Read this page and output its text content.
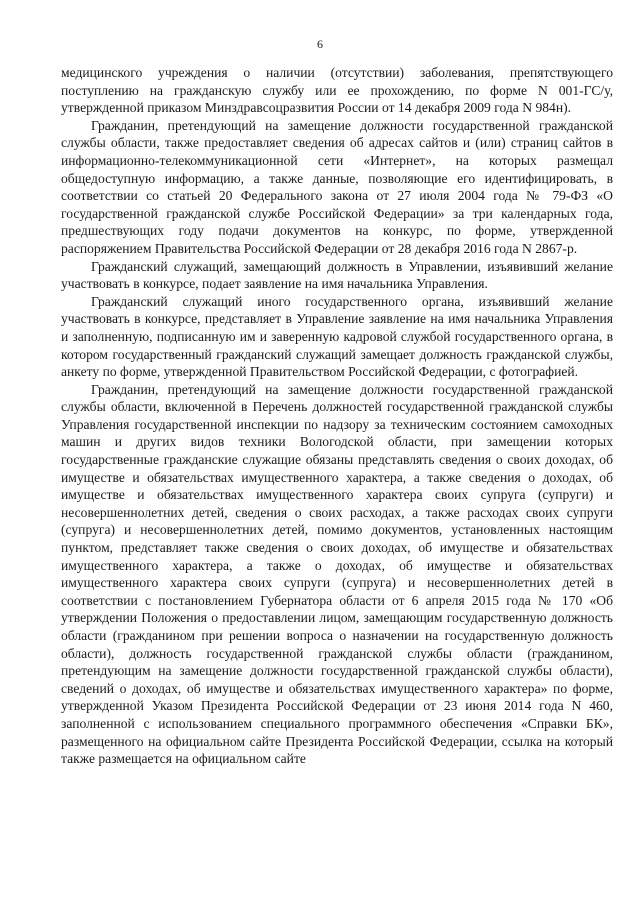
6

медицинского учреждения о наличии (отсутствии) заболевания, препятствующего поступлению на гражданскую службу или ее прохождению, по форме N 001-ГС/у, утвержденной приказом Минздравсоцразвития России от 14 декабря 2009 года N 984н).

Гражданин, претендующий на замещение должности государственной гражданской службы области, также предоставляет сведения об адресах сайтов и (или) страниц сайтов в информационно-телекоммуникационной сети «Интернет», на которых размещал общедоступную информацию, а также данные, позволяющие его идентифицировать, в соответствии со статьей 20 Федерального закона от 27 июля 2004 года № 79-ФЗ «О государственной гражданской службе Российской Федерации» за три календарных года, предшествующих году подачи документов на конкурс, по форме, утвержденной распоряжением Правительства Российской Федерации от 28 декабря 2016 года N 2867-р.

Гражданский служащий, замещающий должность в Управлении, изъявивший желание участвовать в конкурсе, подает заявление на имя начальника Управления.

Гражданский служащий иного государственного органа, изъявивший желание участвовать в конкурсе, представляет в Управление заявление на имя начальника Управления и заполненную, подписанную им и заверенную кадровой службой государственного органа, в котором государственный гражданский служащий замещает должность гражданской службы, анкету по форме, утвержденной Правительством Российской Федерации, с фотографией.

Гражданин, претендующий на замещение должности государственной гражданской службы области, включенной в Перечень должностей государственной гражданской службы Управления государственной инспекции по надзору за техническим состоянием самоходных машин и других видов техники Вологодской области, при замещении которых государственные гражданские служащие обязаны представлять сведения о своих доходах, об имуществе и обязательствах имущественного характера, а также сведения о доходах, об имуществе и обязательствах имущественного характера своих супруга (супруги) и несовершеннолетних детей, сведения о своих расходах, а также расходах своих супруги (супруга) и несовершеннолетних детей, помимо документов, установленных настоящим пунктом, представляет также сведения о своих доходах, об имуществе и обязательствах имущественного характера, а также о доходах, об имуществе и обязательствах имущественного характера своих супруги (супруга) и несовершеннолетних детей в соответствии с постановлением Губернатора области от 6 апреля 2015 года № 170 «Об утверждении Положения о предоставлении лицом, замещающим государственную должность области (гражданином при решении вопроса о назначении на государственную должность области), должность государственной гражданской службы области (гражданином, претендующим на замещение должности государственной гражданской службы области), сведений о доходах, об имуществе и обязательствах имущественного характера» по форме, утвержденной Указом Президента Российской Федерации от 23 июня 2014 года N 460, заполненной с использованием специального программного обеспечения «Справки БК», размещенного на официальном сайте Президента Российской Федерации, ссылка на который также размещается на официальном сайте
